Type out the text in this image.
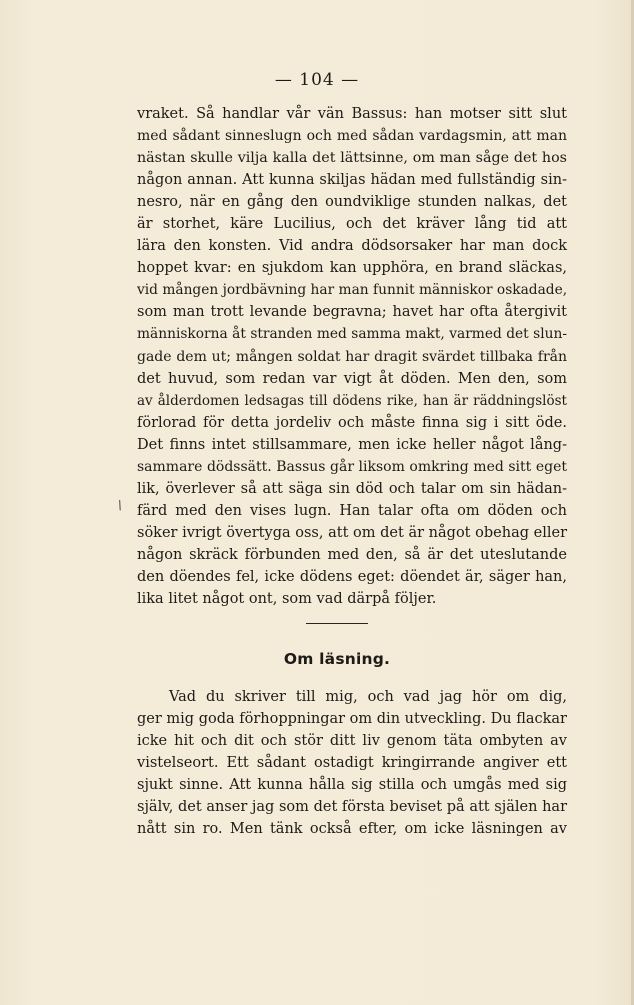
— 104 —
vraket. Så handlar vår vän Bassus: han motser sitt slut
med sådant sinneslugn och med sådan vardagsmin, att man
nästan skulle vilja kalla det lättsinne, om man såge det hos
någon annan. Att kunna skiljas hädan med fullständig sin-
nesro, när en gång den oundviklige stunden nalkas, det
är storhet, käre Lucilius, och det kräver lång tid att
lära den konsten. Vid andra dödsorsaker har man dock
hoppet kvar: en sjukdom kan upphöra, en brand släckas,
vid mången jordbävning har man funnit människor oskadade,
som man trott levande begravna; havet har ofta återgivit
människorna åt stranden med samma makt, varmed det slun-
gade dem ut; mången soldat har dragit svärdet tillbaka från
det huvud, som redan var vigt åt döden. Men den, som
av ålderdomen ledsagas till dödens rike, han är räddningslöst
förlorad för detta jordeliv och måste finna sig i sitt öde.
Det finns intet stillsammare, men icke heller något lång-
sammare dödssätt. Bassus går liksom omkring med sitt eget
lik, överlever så att säga sin död och talar om sin hädan-
färd med den vises lugn. Han talar ofta om döden och
söker ivrigt övertyga oss, att om det är något obehag eller
någon skräck förbunden med den, så är det uteslutande
den döendes fel, icke dödens eget: döendet är, säger han,
lika litet något ont, som vad därpå följer.
\
Om läsning.
Vad du skriver till mig, och vad jag hör om dig,
ger mig goda förhoppningar om din utveckling. Du flackar
icke hit och dit och stör ditt liv genom täta ombyten av
vistelseort. Ett sådant ostadigt kringirrande angiver ett
sjukt sinne. Att kunna hålla sig stilla och umgås med sig
själv, det anser jag som det första beviset på att själen har
nått sin ro. Men tänk också efter, om icke läsningen av
